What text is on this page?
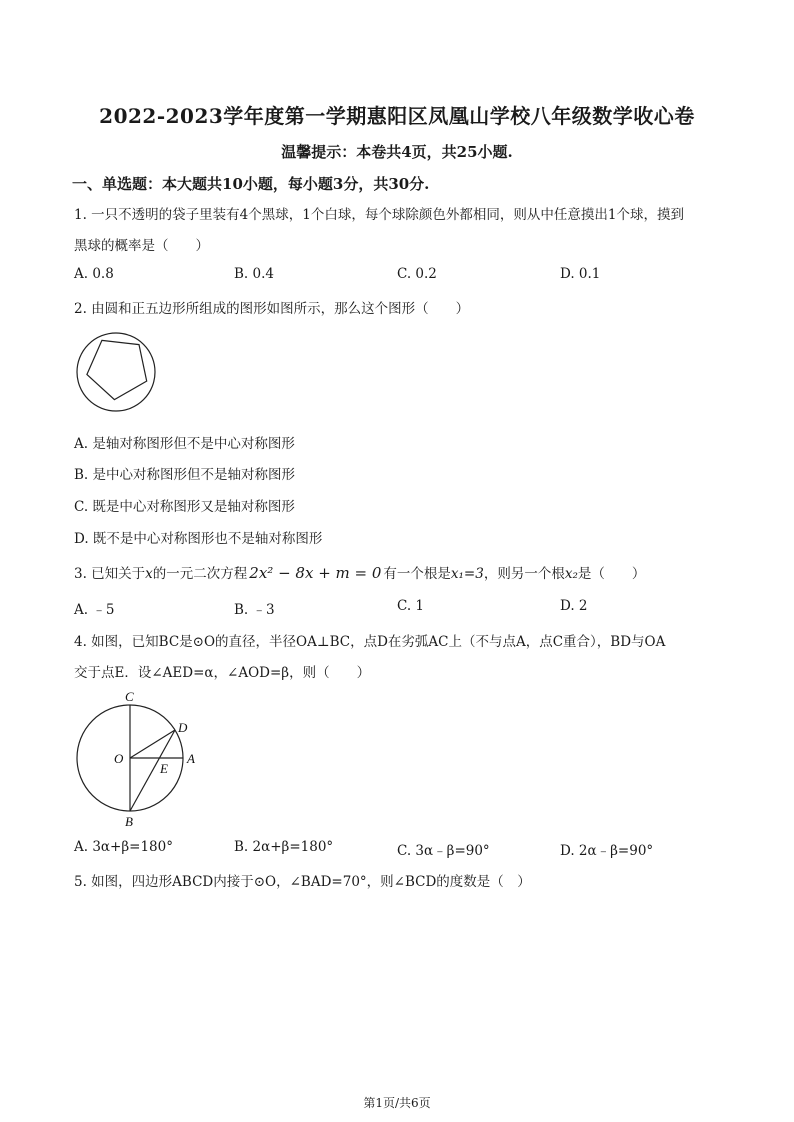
2022-2023学年度第一学期惠阳区凤凰山学校八年级数学收心卷
温馨提示：本卷共4页，共25小题.
一、单选题：本大题共10小题，每小题3分，共30分.
1. 一只不透明的袋子里装有4个黑球，1个白球，每个球除颜色外都相同，则从中任意摸出1个球，摸到
黑球的概率是（　　）
A. 0.8	B. 0.4	C. 0.2	D. 0.1
2. 由圆和正五边形所组成的图形如图所示，那么这个图形（　　）
A. 是轴对称图形但不是中心对称图形
B. 是中心对称图形但不是轴对称图形
C. 既是中心对称图形又是轴对称图形
D. 既不是中心对称图形也不是轴对称图形
3. 已知关于x的一元二次方程 2x² − 8x + m = 0 有一个根是x₁=3，则另一个根x₂是（　　）
A. ﹣5	B. ﹣3	C. 1	D. 2
4. 如图，已知BC是⊙O的直径，半径OA⊥BC，点D在劣弧AC上（不与点A，点C重合），BD与OA
交于点E．设∠AED=α，∠AOD=β，则（　　）
C
D
O
E
A
B
A. 3α+β=180°	B. 2α+β=180°	C. 3α﹣β=90°	D. 2α﹣β=90°
5. 如图，四边形ABCD内接于⊙O，∠BAD=70°，则∠BCD的度数是（　）
第1页/共6页
